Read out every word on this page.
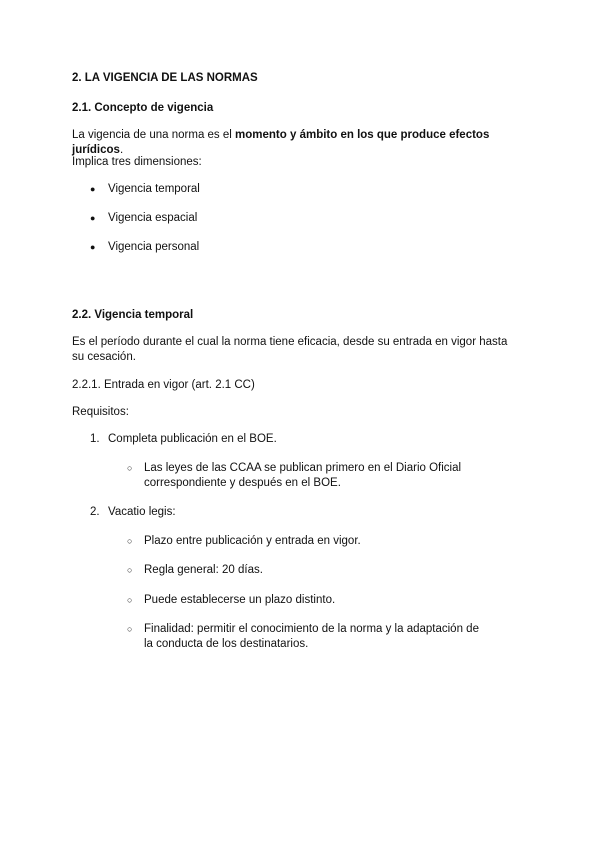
2. LA VIGENCIA DE LAS NORMAS
2.1. Concepto de vigencia
La vigencia de una norma es el momento y ámbito en los que produce efectos jurídicos.
Implica tres dimensiones:
● Vigencia temporal
● Vigencia espacial
● Vigencia personal
2.2. Vigencia temporal
Es el período durante el cual la norma tiene eficacia, desde su entrada en vigor hasta su cesación.
2.2.1. Entrada en vigor (art. 2.1 CC)
Requisitos:
1. Completa publicación en el BOE.
○ Las leyes de las CCAA se publican primero en el Diario Oficial correspondiente y después en el BOE.
2. Vacatio legis:
○ Plazo entre publicación y entrada en vigor.
○ Regla general: 20 días.
○ Puede establecerse un plazo distinto.
○ Finalidad: permitir el conocimiento de la norma y la adaptación de la conducta de los destinatarios.
